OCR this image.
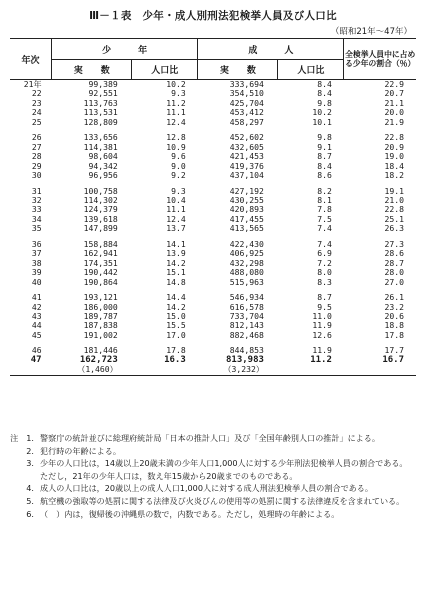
Ⅲ－１表　少年・成人別刑法犯検挙人員及び人口比
（昭和21年～47年）
年次	少　　　年		成　　　人		全検挙人員中に占める少年の割合（％）
	実　　数	人口比	実　　数	人口比	
21年	99,389	10.2	333,694	8.4	22.9
22	92,551	9.3	354,510	8.4	20.7
23	113,763	11.2	425,704	9.8	21.1
24	113,531	11.1	453,412	10.2	20.0
25	128,809	12.4	458,297	10.1	21.9

26	133,656	12.8	452,602	9.8	22.8
27	114,381	10.9	432,605	9.1	20.9
28	98,604	9.6	421,453	8.7	19.0
29	94,342	9.0	419,376	8.4	18.4
30	96,956	9.2	437,104	8.6	18.2

31	100,758	9.3	427,192	8.2	19.1
32	114,302	10.4	430,255	8.1	21.0
33	124,379	11.1	420,893	7.8	22.8
34	139,618	12.4	417,455	7.5	25.1
35	147,899	13.7	413,565	7.4	26.3

36	158,884	14.1	422,430	7.4	27.3
37	162,941	13.9	406,925	6.9	28.6
38	174,351	14.2	432,298	7.2	28.7
39	190,442	15.1	488,080	8.0	28.0
40	190,864	14.8	515,963	8.3	27.0

41	193,121	14.4	546,934	8.7	26.1
42	186,000	14.2	616,578	9.5	23.2
43	189,787	15.0	733,704	11.0	20.6
44	187,838	15.5	812,143	11.9	18.8
45	191,002	17.0	882,468	12.6	17.8

46	181,446	17.8	844,853	11.9	17.7
47	162,723	16.3	813,983	11.2	16.7
	（1,460）		（3,232）		
注　1. 警察庁の統計並びに総理府統計局「日本の推計人口」及び「全国年齢別人口の推計」による。
2. 犯行時の年齢による。
3. 少年の人口比は，14歳以上20歳未満の少年人口1,000人に対する少年刑法犯検挙人員の割合である。
ただし，21年の少年人口は，数え年15歳から20歳までのものである。
4. 成人の人口比は，20歳以上の成人人口1,000人に対する成人刑法犯検挙人員の割合である。
5. 航空機の強取等の処罰に関する法律及び火炎びんの使用等の処罰に関する法律違反を含まれている。
6. （　）内は，復帰後の沖縄県の数で，内数である。ただし，処理時の年齢による。
